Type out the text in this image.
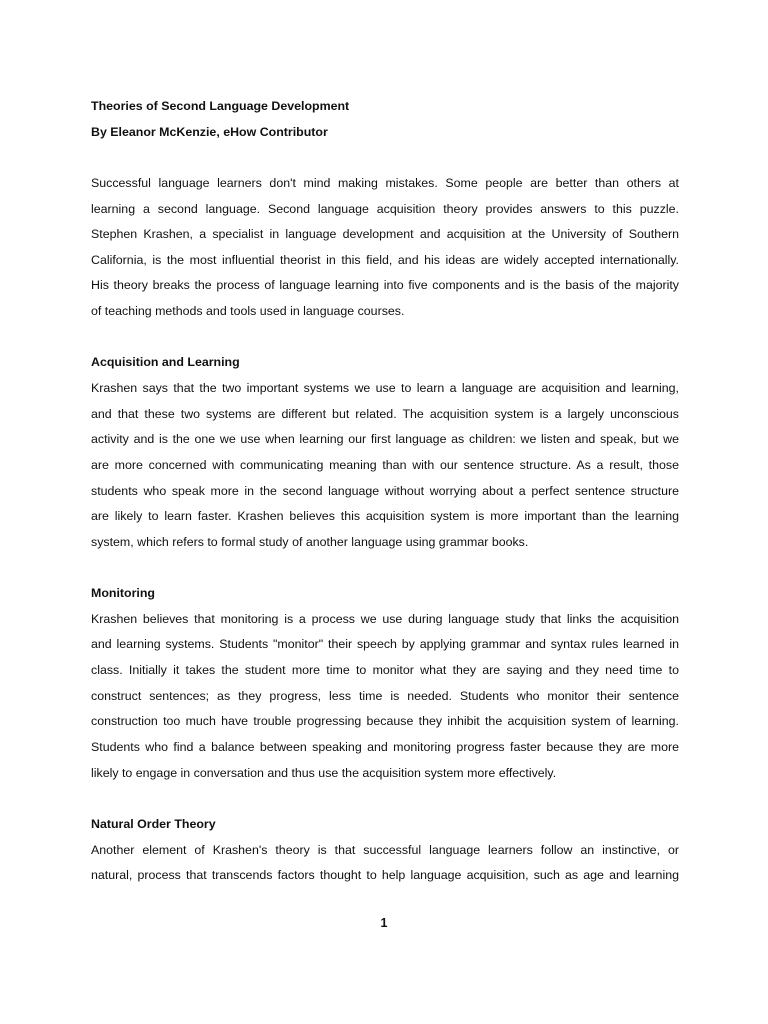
Theories of Second Language Development
By Eleanor McKenzie, eHow Contributor
Successful language learners don't mind making mistakes. Some people are better than others at
learning a second language. Second language acquisition theory provides answers to this puzzle.
Stephen Krashen, a specialist in language development and acquisition at the University of Southern
California, is the most influential theorist in this field, and his ideas are widely accepted internationally.
His theory breaks the process of language learning into five components and is the basis of the majority
of teaching methods and tools used in language courses.
Acquisition and Learning
Krashen says that the two important systems we use to learn a language are acquisition and learning,
and that these two systems are different but related. The acquisition system is a largely unconscious
activity and is the one we use when learning our first language as children: we listen and speak, but we
are more concerned with communicating meaning than with our sentence structure. As a result, those
students who speak more in the second language without worrying about a perfect sentence structure
are likely to learn faster. Krashen believes this acquisition system is more important than the learning
system, which refers to formal study of another language using grammar books.
Monitoring
Krashen believes that monitoring is a process we use during language study that links the acquisition
and learning systems. Students "monitor" their speech by applying grammar and syntax rules learned in
class. Initially it takes the student more time to monitor what they are saying and they need time to
construct sentences; as they progress, less time is needed. Students who monitor their sentence
construction too much have trouble progressing because they inhibit the acquisition system of learning.
Students who find a balance between speaking and monitoring progress faster because they are more
likely to engage in conversation and thus use the acquisition system more effectively.
Natural Order Theory
Another element of Krashen's theory is that successful language learners follow an instinctive, or
natural, process that transcends factors thought to help language acquisition, such as age and learning
1
